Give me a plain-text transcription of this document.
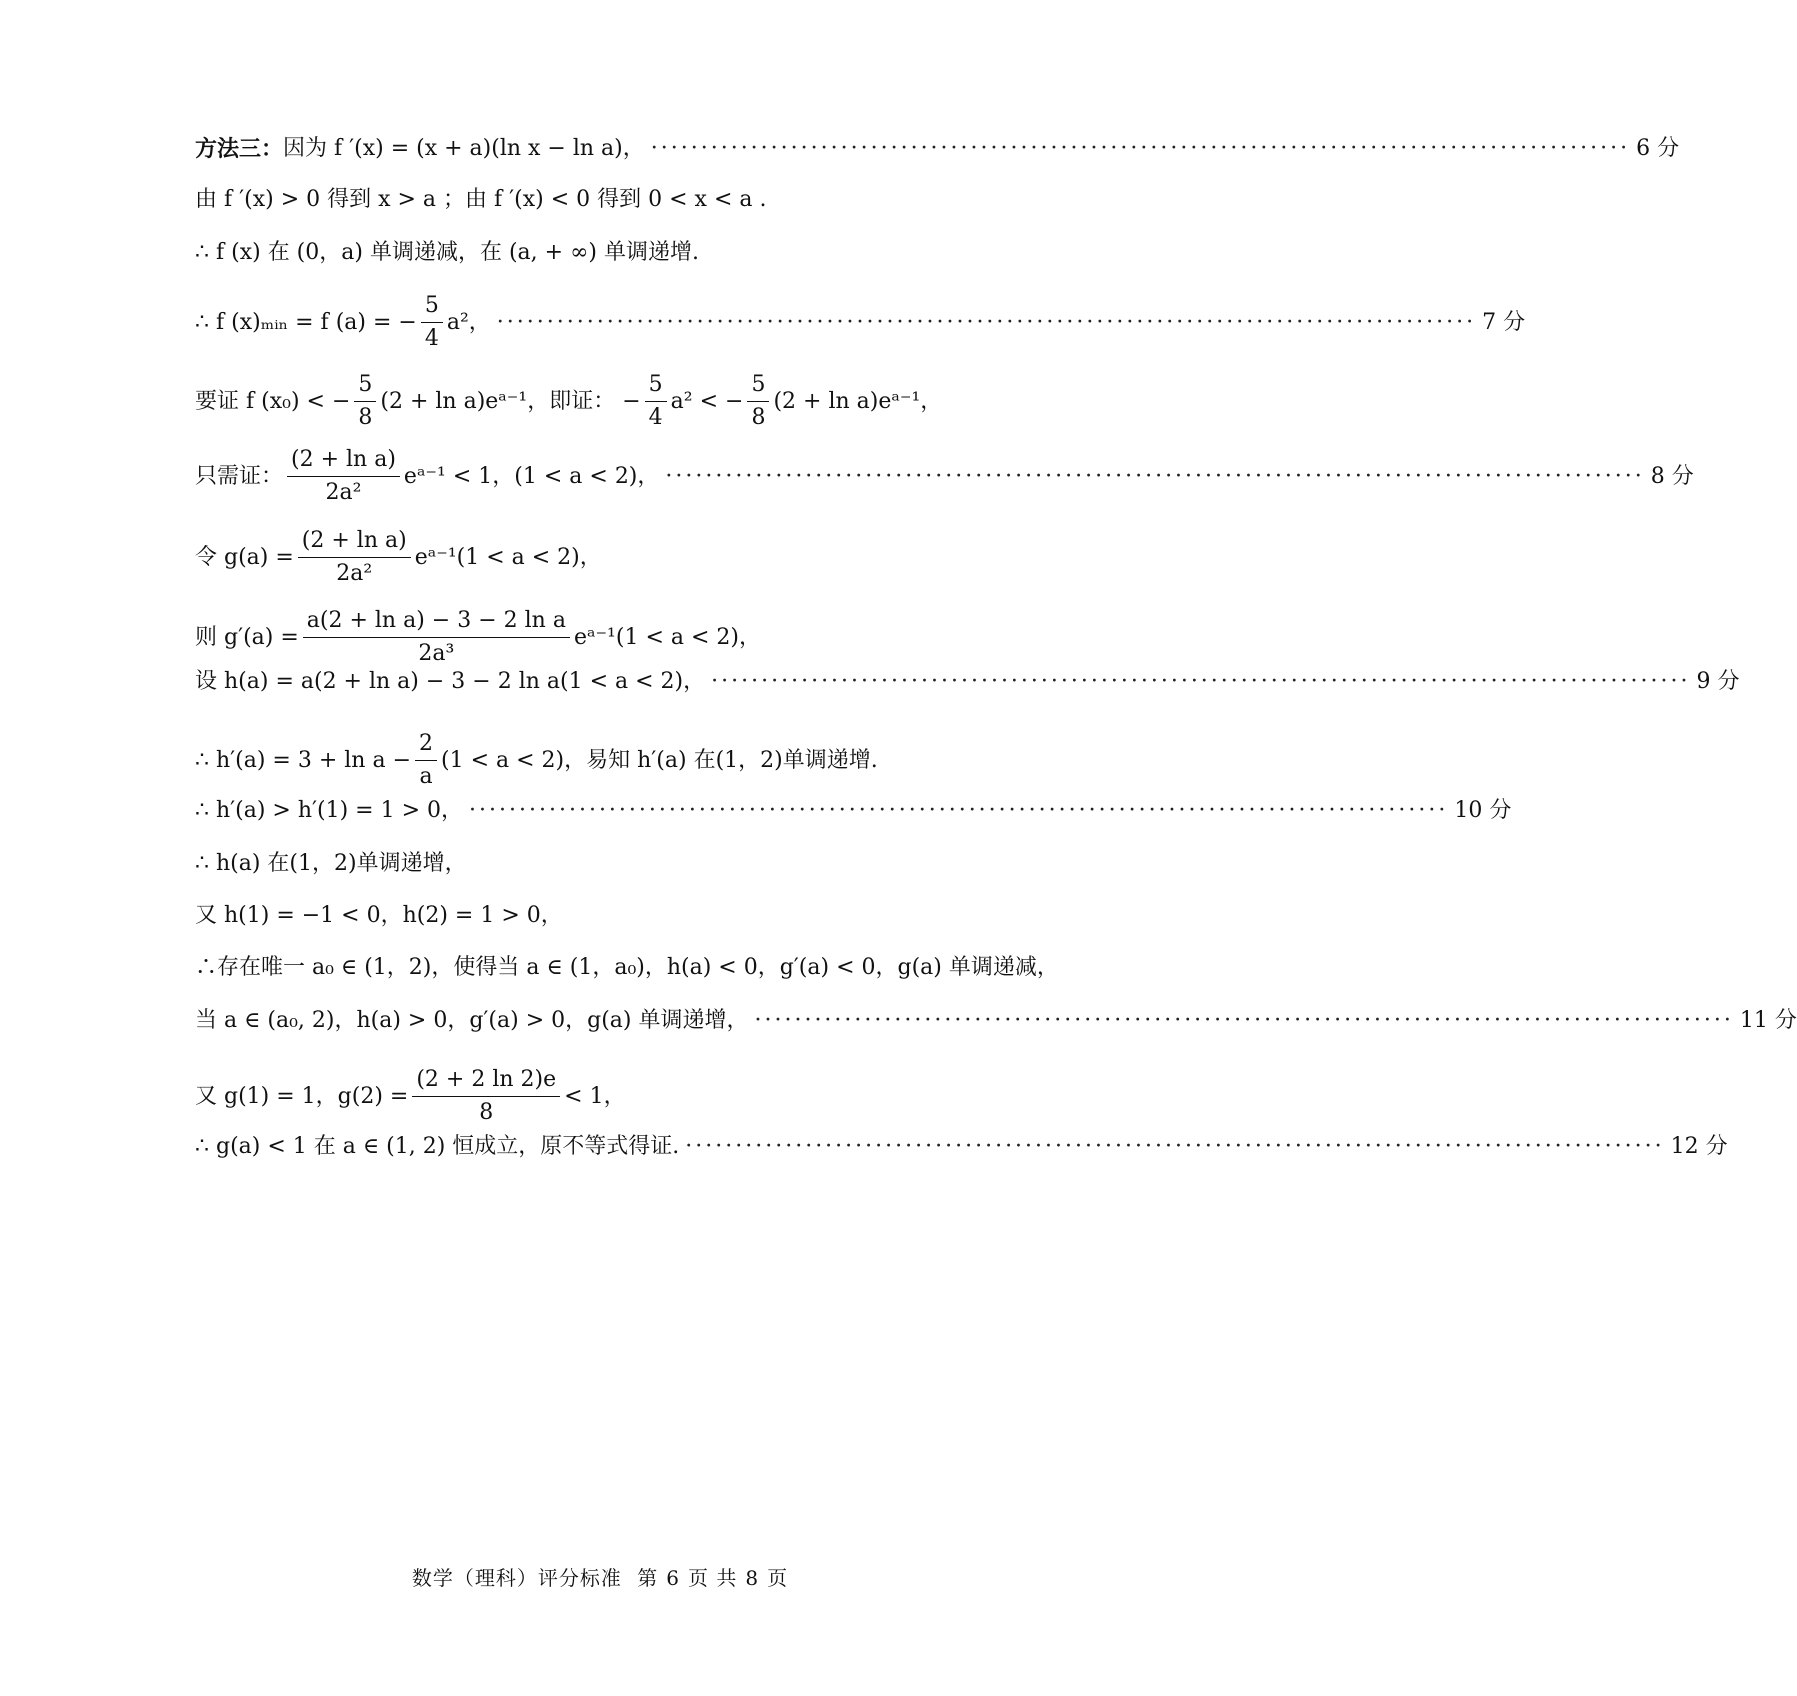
方法三： 因为 f ′(x) = (x + a)(ln x − ln a)， ·································································································· 6 分
由 f ′(x) > 0 得到 x > a ；由 f ′(x) < 0 得到 0 < x < a .
∴ f (x) 在 (0，a) 单调递减，在 (a, + ∞) 单调递增.
∴ f (x)ₘᵢₙ = f (a) = − $\frac{5}{4} a^2$， ·································································································· 7 分
要证 f (x₀) < − $\frac{5}{8} (2 + \ln$ a)eᵃ⁻¹，即证： − $\frac{5}{4} a^2$ < − $\frac{5}{8} (2 + \ln$ a)eᵃ⁻¹，
只需证： $\frac{\text{(2 + ln a)}}{\text{2a²}}$ eᵃ⁻¹ < 1，(1 < a < 2)， ·································································································· 8 分
令 $g(a) = \frac{\text{(2 + ln a)}}{\text{2a²}}$ eᵃ⁻¹(1 < a < 2)，
则 $g'(a) = \frac{\text{a(2 + ln a) − 3 − 2 ln a}}{\text{2a³}}$ eᵃ⁻¹(1 < a < 2)，
设 h(a) = a(2 + ln a) − 3 − 2 ln a(1 < a < 2)， ·································································································· 9 分
∴ $h'(a) = 3 + \ln a - \frac{2}{a} (1 < a < 2)$，易知 h′(a) 在(1，2)单调递增.
∴ h′(a) > h′(1) = 1 > 0， ·································································································· 10 分
∴ h(a) 在(1，2)单调递增，
又 h(1) = −1 < 0，h(2) = 1 > 0，
∴存在唯一 a₀ ∈ (1，2)，使得当 a ∈ (1，a₀)，h(a) < 0，g′(a) < 0，g(a) 单调递减，
当 a ∈ (a₀, 2)，h(a) > 0，g′(a) > 0，g(a) 单调递增， ·································································································· 11 分
又 g(1) = 1，$g(2) = \frac{(2 + 2 \ln 2)e}{8} < 1$，
∴ g(a) < 1 在 a ∈ (1, 2) 恒成立，原不等式得证. ·································································································· 12 分
数学（理科）评分标准 第 6 页 共 8 页
